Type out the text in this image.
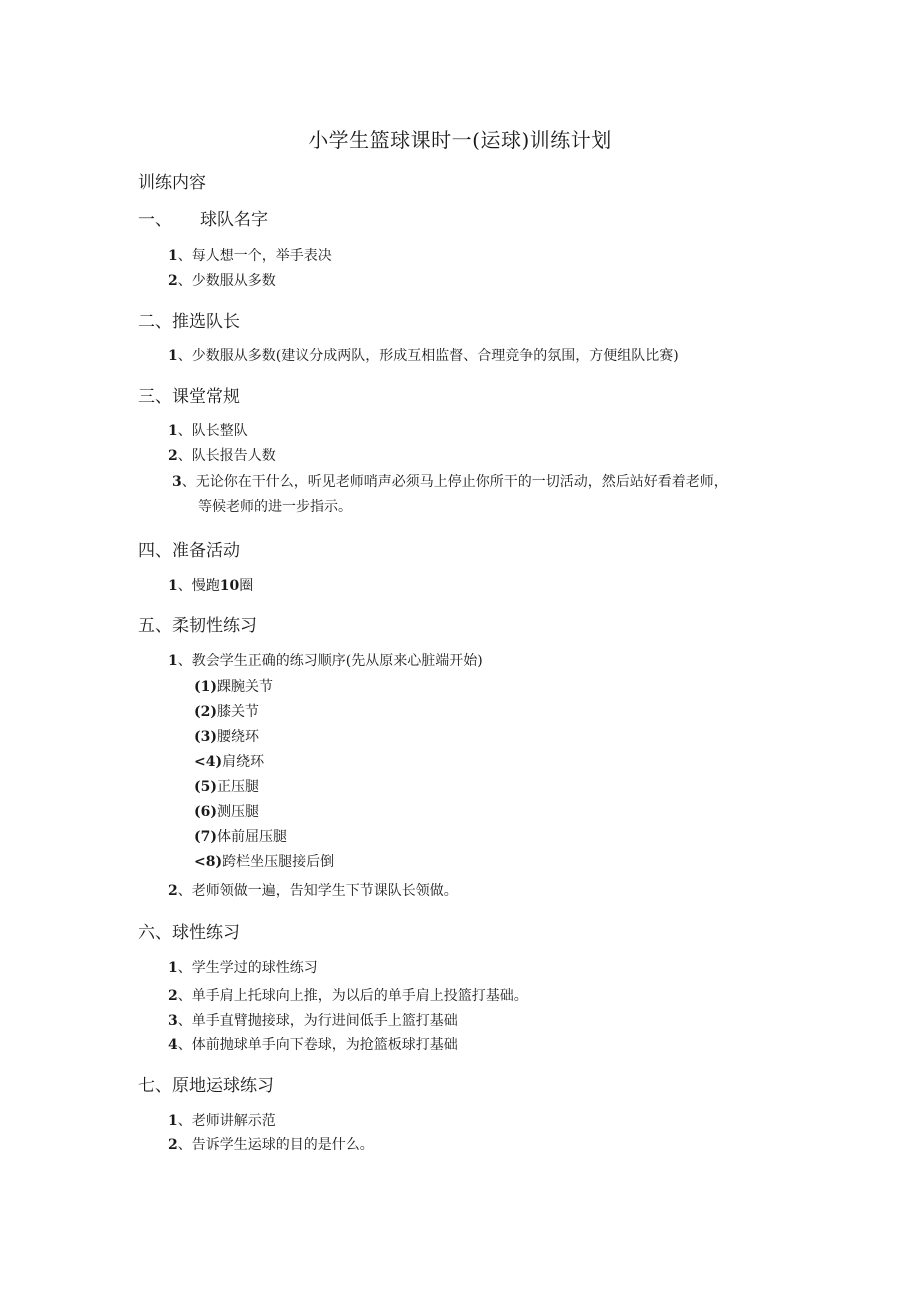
小学生篮球课时一(运球)训练计划
训练内容
一、 球队名字
1、每人想一个，举手表决
2、少数服从多数
二、推选队长
1、少数服从多数(建议分成两队，形成互相监督、合理竞争的氛围，方便组队比赛)
三、课堂常规
1、队长整队
2、队长报告人数
3、无论你在干什么，听见老师哨声必须马上停止你所干的一切活动，然后站好看着老师，
等候老师的进一步指示。
四、准备活动
1、慢跑10圈
五、柔韧性练习
1、教会学生正确的练习顺序(先从原来心脏端开始)
(1)踝腕关节
(2)膝关节
(3)腰绕环
<4)肩绕环
(5)正压腿
(6)测压腿
(7)体前屈压腿
<8)跨栏坐压腿接后倒
2、老师领做一遍，告知学生下节课队长领做。
六、球性练习
1、学生学过的球性练习
2、单手肩上托球向上推，为以后的单手肩上投篮打基础。
3、单手直臂抛接球，为行进间低手上篮打基础
4、体前抛球单手向下卷球，为抢篮板球打基础
七、原地运球练习
1、老师讲解示范
2、告诉学生运球的目的是什么。
